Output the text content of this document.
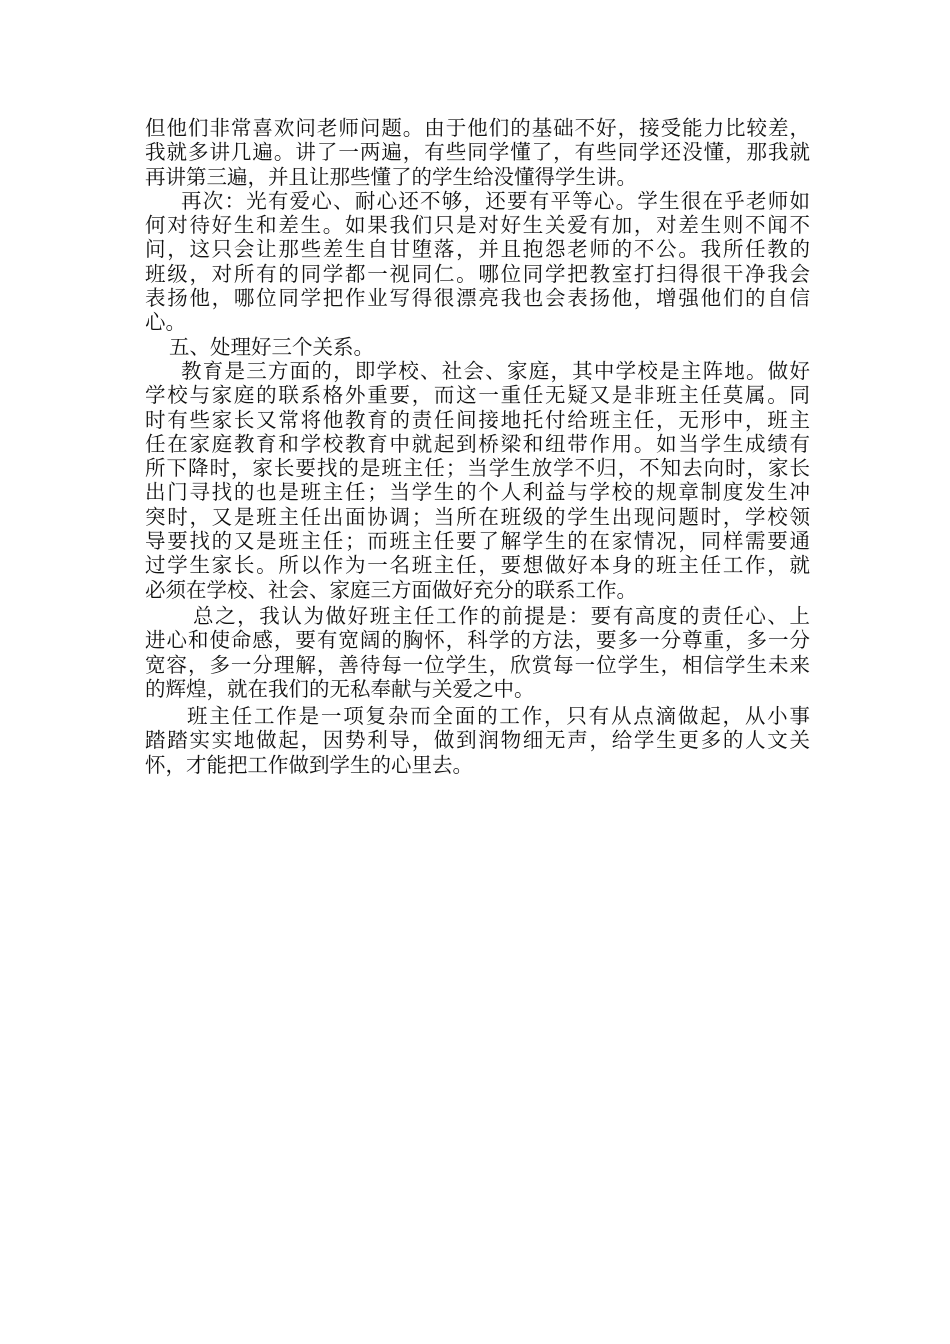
但他们非常喜欢问老师问题。由于他们的基础不好，接受能力比较差，
我就多讲几遍。讲了一两遍，有些同学懂了，有些同学还没懂，那我就
再讲第三遍，并且让那些懂了的学生给没懂得学生讲。
再次：光有爱心、耐心还不够，还要有平等心。学生很在乎老师如
何对待好生和差生。如果我们只是对好生关爱有加，对差生则不闻不
问，这只会让那些差生自甘堕落，并且抱怨老师的不公。我所任教的
班级，对所有的同学都一视同仁。哪位同学把教室打扫得很干净我会
表扬他，哪位同学把作业写得很漂亮我也会表扬他，增强他们的自信
心。
五、处理好三个关系。
教育是三方面的，即学校、社会、家庭，其中学校是主阵地。做好
学校与家庭的联系格外重要，而这一重任无疑又是非班主任莫属。同
时有些家长又常将他教育的责任间接地托付给班主任，无形中，班主
任在家庭教育和学校教育中就起到桥梁和纽带作用。如当学生成绩有
所下降时，家长要找的是班主任；当学生放学不归，不知去向时，家长
出门寻找的也是班主任；当学生的个人利益与学校的规章制度发生冲
突时，又是班主任出面协调；当所在班级的学生出现问题时，学校领
导要找的又是班主任；而班主任要了解学生的在家情况，同样需要通
过学生家长。所以作为一名班主任，要想做好本身的班主任工作，就
必须在学校、社会、家庭三方面做好充分的联系工作。
总之，我认为做好班主任工作的前提是：要有高度的责任心、上
进心和使命感，要有宽阔的胸怀，科学的方法，要多一分尊重，多一分
宽容，多一分理解，善待每一位学生，欣赏每一位学生，相信学生未来
的辉煌，就在我们的无私奉献与关爱之中。
班主任工作是一项复杂而全面的工作，只有从点滴做起，从小事
踏踏实实地做起，因势利导，做到润物细无声，给学生更多的人文关
怀，才能把工作做到学生的心里去。
